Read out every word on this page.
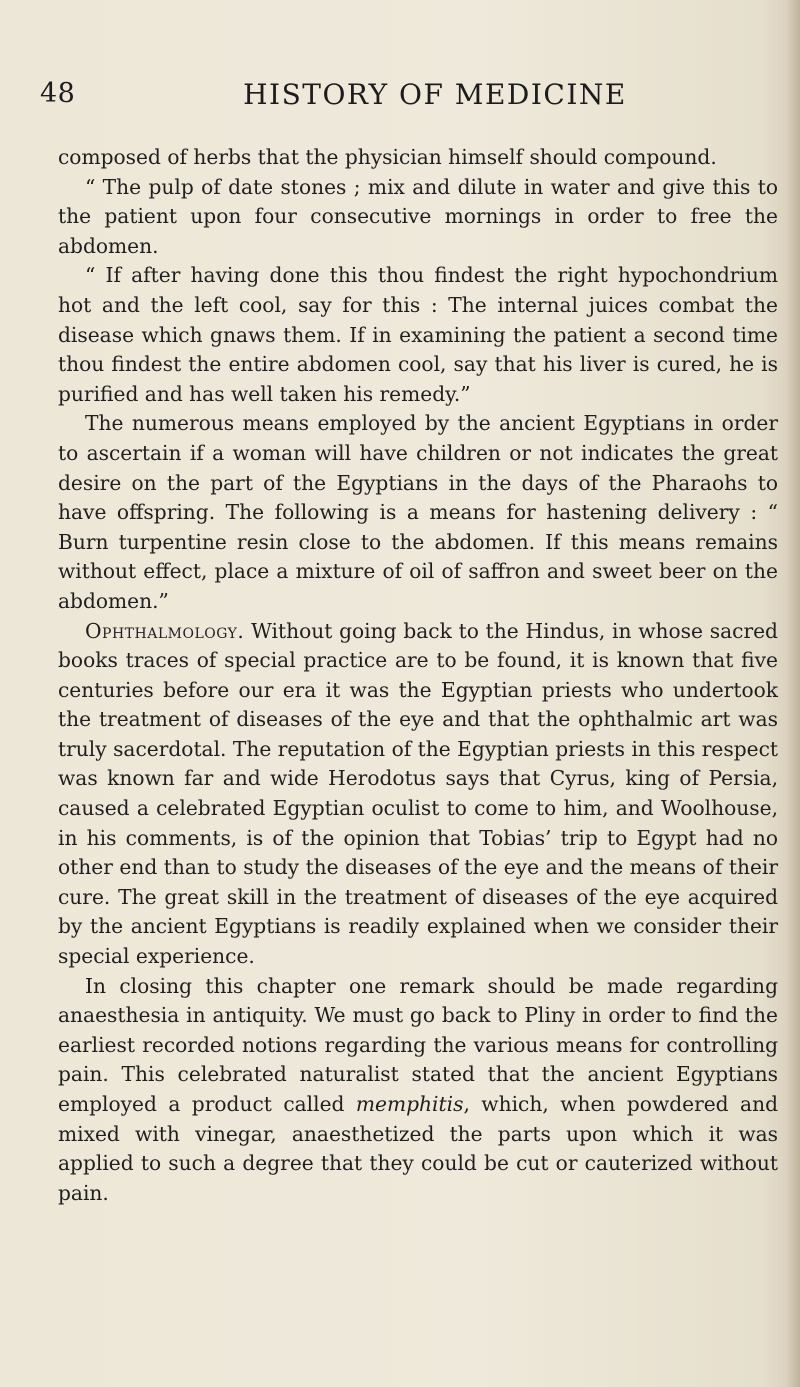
48	HISTORY OF MEDICINE

composed of herbs that the physician himself should compound.

“ The pulp of date stones ; mix and dilute in water and give this to the patient upon four consecutive mornings in order to free the abdomen.

“ If after having done this thou findest the right hypochondrium hot and the left cool, say for this : The internal juices combat the disease which gnaws them. If in examining the patient a second time thou findest the entire abdomen cool, say that his liver is cured, he is purified and has well taken his remedy.”

The numerous means employed by the ancient Egyptians in order to ascertain if a woman will have children or not indicates the great desire on the part of the Egyptians in the days of the Pharaohs to have offspring. The following is a means for hastening delivery : “ Burn turpentine resin close to the abdomen. If this means remains without effect, place a mixture of oil of saffron and sweet beer on the abdomen.”

Ophthalmology. Without going back to the Hindus, in whose sacred books traces of special practice are to be found, it is known that five centuries before our era it was the Egyptian priests who undertook the treatment of diseases of the eye and that the ophthalmic art was truly sacerdotal. The reputation of the Egyptian priests in this respect was known far and wide Herodotus says that Cyrus, king of Persia, caused a celebrated Egyptian oculist to come to him, and Woolhouse, in his comments, is of the opinion that Tobias’ trip to Egypt had no other end than to study the diseases of the eye and the means of their cure. The great skill in the treatment of diseases of the eye acquired by the ancient Egyptians is readily explained when we consider their special experience.

In closing this chapter one remark should be made regarding anaesthesia in antiquity. We must go back to Pliny in order to find the earliest recorded notions regarding the various means for controlling pain. This celebrated naturalist stated that the ancient Egyptians employed a product called memphitis, which, when powdered and mixed with vinegar, anaesthetized the parts upon which it was applied to such a degree that they could be cut or cauterized without pain.
